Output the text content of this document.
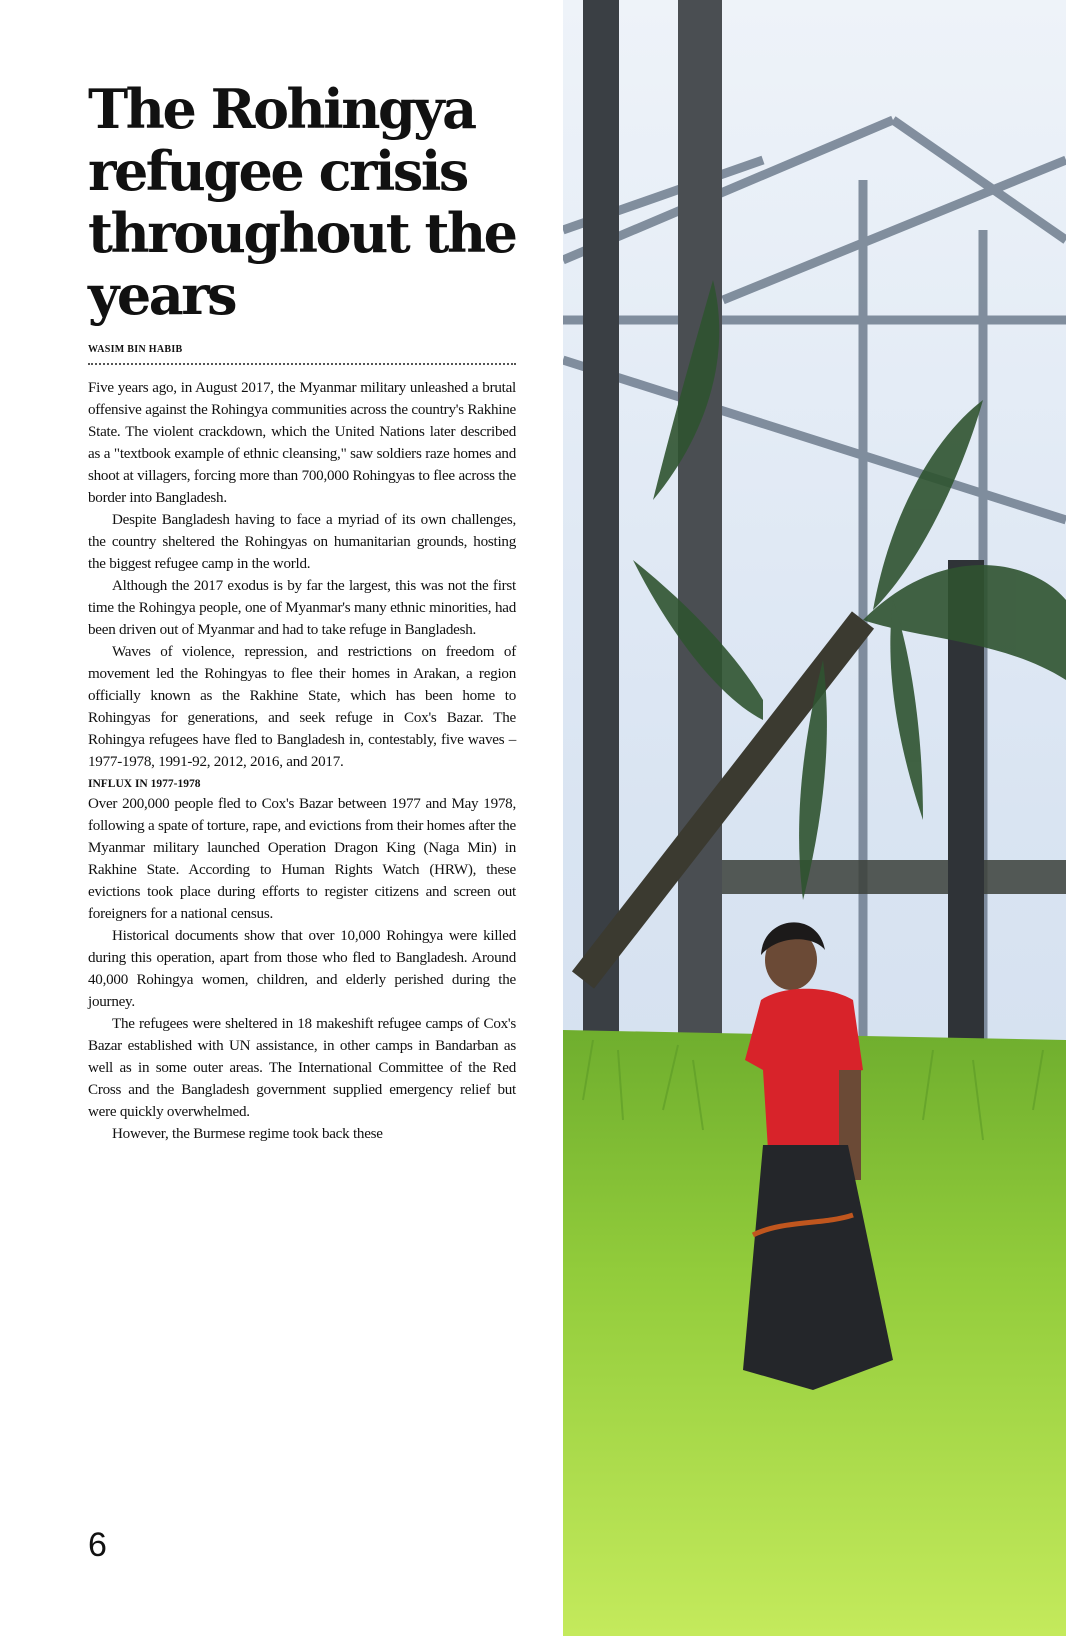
The Rohingya refugee crisis throughout the years
WASIM BIN HABIB

Five years ago, in August 2017, the Myanmar military unleashed a brutal offensive against the Rohingya communities across the country's Rakhine State. The violent crackdown, which the United Nations later described as a "textbook example of ethnic cleansing," saw soldiers raze homes and shoot at villagers, forcing more than 700,000 Rohingyas to flee across the border into Bangladesh.

Despite Bangladesh having to face a myriad of its own challenges, the country sheltered the Rohingyas on humanitarian grounds, hosting the biggest refugee camp in the world.

Although the 2017 exodus is by far the largest, this was not the first time the Rohingya people, one of Myanmar's many ethnic minorities, had been driven out of Myanmar and had to take refuge in Bangladesh.

Waves of violence, repression, and restrictions on freedom of movement led the Rohingyas to flee their homes in Arakan, a region officially known as the Rakhine State, which has been home to Rohingyas for generations, and seek refuge in Cox's Bazar. The Rohingya refugees have fled to Bangladesh in, contestably, five waves – 1977-1978, 1991-92, 2012, 2016, and 2017.

INFLUX IN 1977-1978

Over 200,000 people fled to Cox's Bazar between 1977 and May 1978, following a spate of torture, rape, and evictions from their homes after the Myanmar military launched Operation Dragon King (Naga Min) in Rakhine State. According to Human Rights Watch (HRW), these evictions took place during efforts to register citizens and screen out foreigners for a national census.

Historical documents show that over 10,000 Rohingya were killed during this operation, apart from those who fled to Bangladesh. Around 40,000 Rohingya women, children, and elderly perished during the journey.

The refugees were sheltered in 18 makeshift refugee camps of Cox's Bazar established with UN assistance, in other camps in Bandarban as well as in some outer areas. The International Committee of the Red Cross and the Bangladesh government supplied emergency relief but were quickly overwhelmed.

However, the Burmese regime took back these

6
